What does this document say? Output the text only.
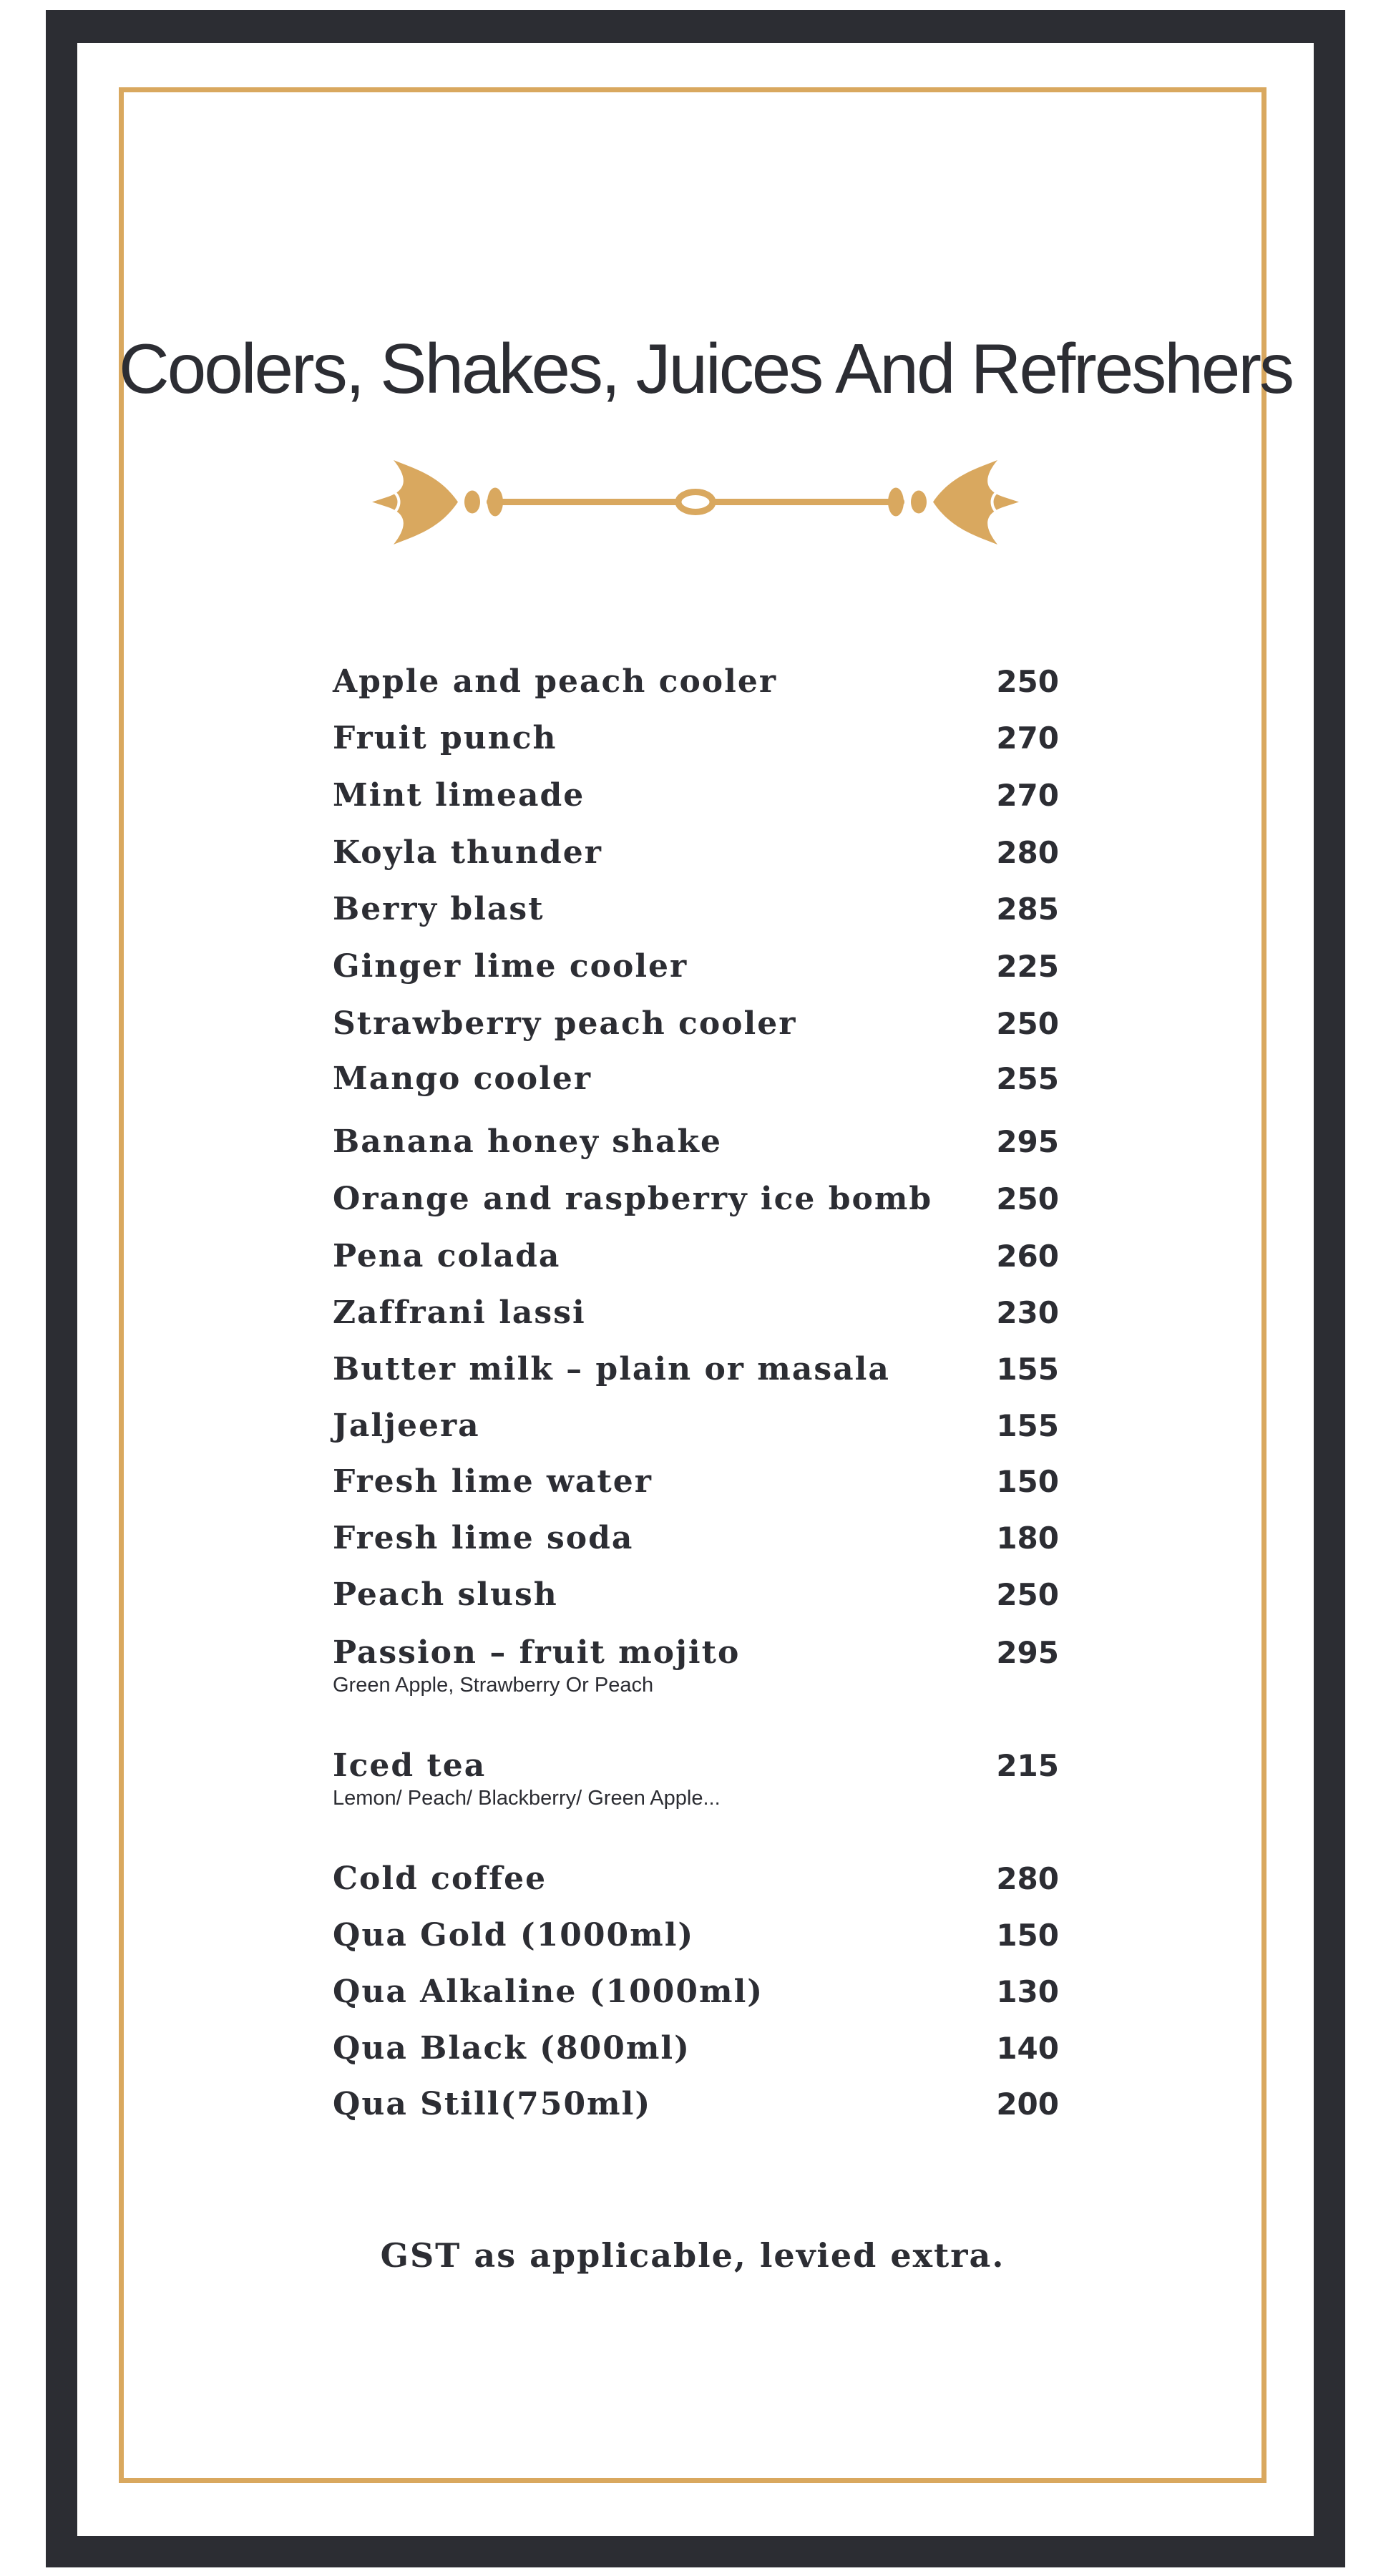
Coolers, Shakes, Juices And Refreshers
Apple and peach cooler	250
Fruit punch	270
Mint limeade	270
Koyla thunder	280
Berry blast	285
Ginger lime cooler	225
Strawberry peach cooler	250
Mango cooler	255
Banana honey shake	295
Orange and raspberry ice bomb 250
Pena colada	260
Zaffrani lassi	230
Butter milk – plain or masala	155
Jaljeera	155
Fresh lime water	150
Fresh lime soda	180
Peach slush	250
Passion – fruit mojito	295
Green Apple, Strawberry Or Peach
Iced tea	215
Lemon/ Peach/ Blackberry/ Green Apple...
Cold coffee	280
Qua Gold (1000ml)	150
Qua Alkaline (1000ml)	130
Qua Black (800ml)	140
Qua Still(750ml)	200
GST as applicable, levied extra.
